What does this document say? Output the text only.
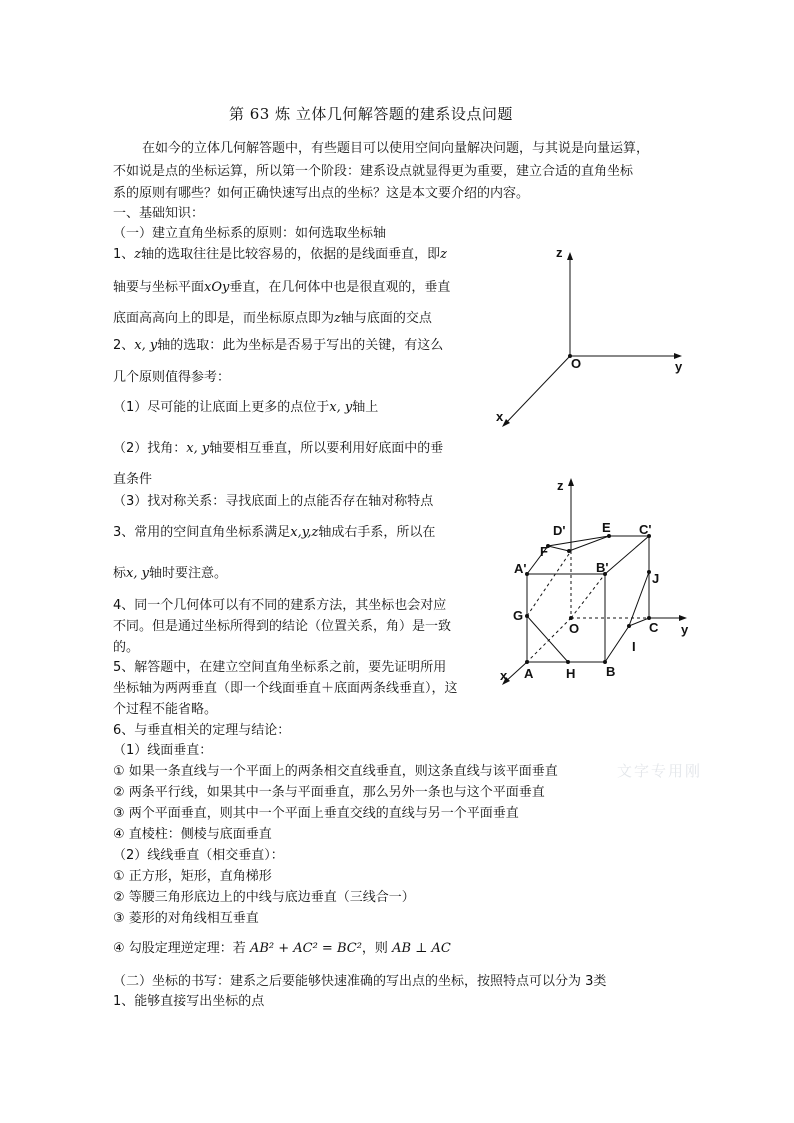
第 63 炼 立体几何解答题的建系设点问题
在如今的立体几何解答题中，有些题目可以使用空间向量解决问题，与其说是向量运算，
不如说是点的坐标运算，所以第一个阶段：建系设点就显得更为重要，建立合适的直角坐标
系的原则有哪些？如何正确快速写出点的坐标？这是本文要介绍的内容。
一、基础知识：
（一）建立直角坐标系的原则：如何选取坐标轴
1、z轴的选取往往是比较容易的，依据的是线面垂直，即z
轴要与坐标平面xOy垂直，在几何体中也是很直观的，垂直
底面高高向上的即是，而坐标原点即为z轴与底面的交点
2、x, y轴的选取：此为坐标是否易于写出的关键，有这么
几个原则值得参考：
（1）尽可能的让底面上更多的点位于x, y轴上
（2）找角：x, y轴要相互垂直，所以要利用好底面中的垂
直条件
（3）找对称关系：寻找底面上的点能否存在轴对称特点
3、常用的空间直角坐标系满足x,y,z轴成右手系，所以在
标x, y轴时要注意。
4、同一个几何体可以有不同的建系方法，其坐标也会对应
不同。但是通过坐标所得到的结论（位置关系，角）是一致
的。
5、解答题中，在建立空间直角坐标系之前，要先证明所用
坐标轴为两两垂直（即一个线面垂直＋底面两条线垂直），这
个过程不能省略。
6、与垂直相关的定理与结论：
（1）线面垂直：
① 如果一条直线与一个平面上的两条相交直线垂直，则这条直线与该平面垂直
② 两条平行线，如果其中一条与平面垂直，那么另外一条也与这个平面垂直
③ 两个平面垂直，则其中一个平面上垂直交线的直线与另一个平面垂直
④ 直棱柱：侧棱与底面垂直
（2）线线垂直（相交垂直）：
① 正方形，矩形，直角梯形
② 等腰三角形底边上的中线与底边垂直（三线合一）
③ 菱形的对角线相互垂直
④ 勾股定理逆定理：若 AB² + AC² = BC²，则 AB ⊥ AC
（二）坐标的书写：建系之后要能够快速准确的写出点的坐标，按照特点可以分为 3类
1、能够直接写出坐标的点
文字专用刚
z
O	y
x
z
D'	E C'
F
A'	B'
J
G
O	C y
I
x A	H B
